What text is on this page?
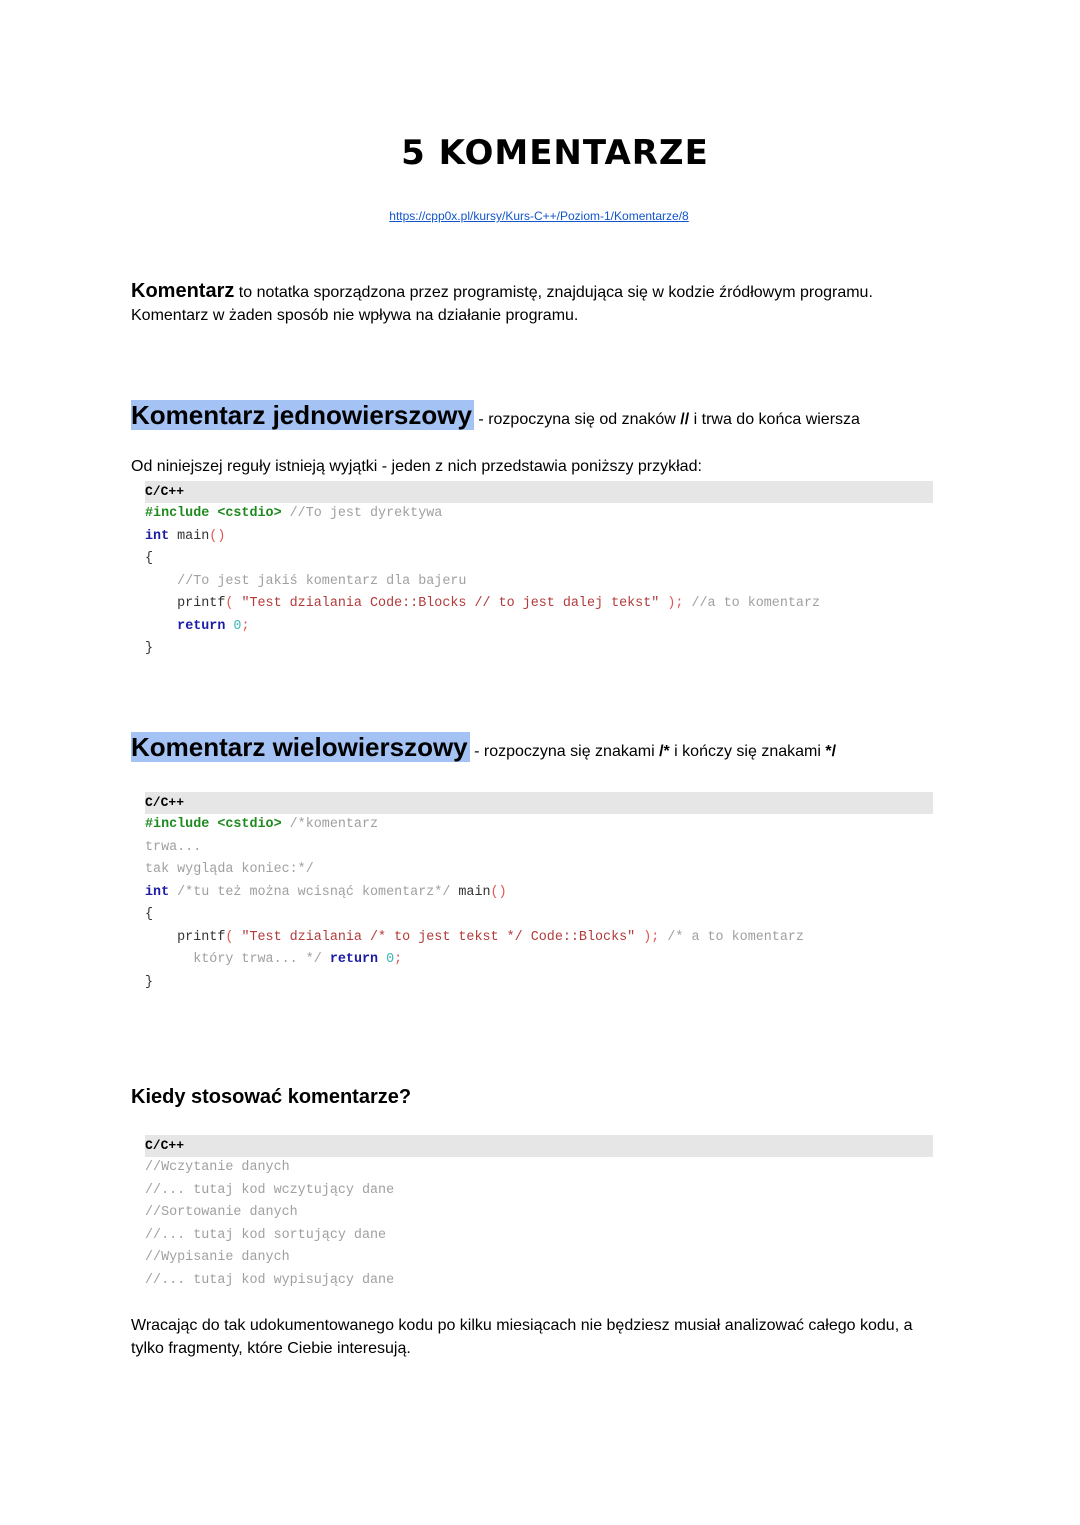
5 KOMENTARZE
https://cpp0x.pl/kursy/Kurs-C++/Poziom-1/Komentarze/8
Komentarz to notatka sporządzona przez programistę, znajdująca się w kodzie źródłowym programu.
Komentarz w żaden sposób nie wpływa na działanie programu.
Komentarz jednowierszowy - rozpoczyna się od znaków // i trwa do końca wiersza
Od niniejszej reguły istnieją wyjątki - jeden z nich przedstawia poniższy przykład:
C/C++
#include <cstdio> //To jest dyrektywa
int main()
{
//To jest jakiś komentarz dla bajeru
printf( "Test dzialania Code::Blocks // to jest dalej tekst" ); //a to komentarz
return 0;
}
Komentarz wielowierszowy - rozpoczyna się znakami /* i kończy się znakami */
C/C++
#include <cstdio> /*komentarz
trwa...
tak wygląda koniec:*/
int /*tu też można wcisnąć komentarz*/ main()
{
printf( "Test dzialania /* to jest tekst */ Code::Blocks" ); /* a to komentarz
który trwa... */ return 0;
}
Kiedy stosować komentarze?
C/C++
//Wczytanie danych
//... tutaj kod wczytujący dane
//Sortowanie danych
//... tutaj kod sortujący dane
//Wypisanie danych
//... tutaj kod wypisujący dane
Wracając do tak udokumentowanego kodu po kilku miesiącach nie będziesz musiał analizować całego kodu, a tylko fragmenty, które Ciebie interesują.
